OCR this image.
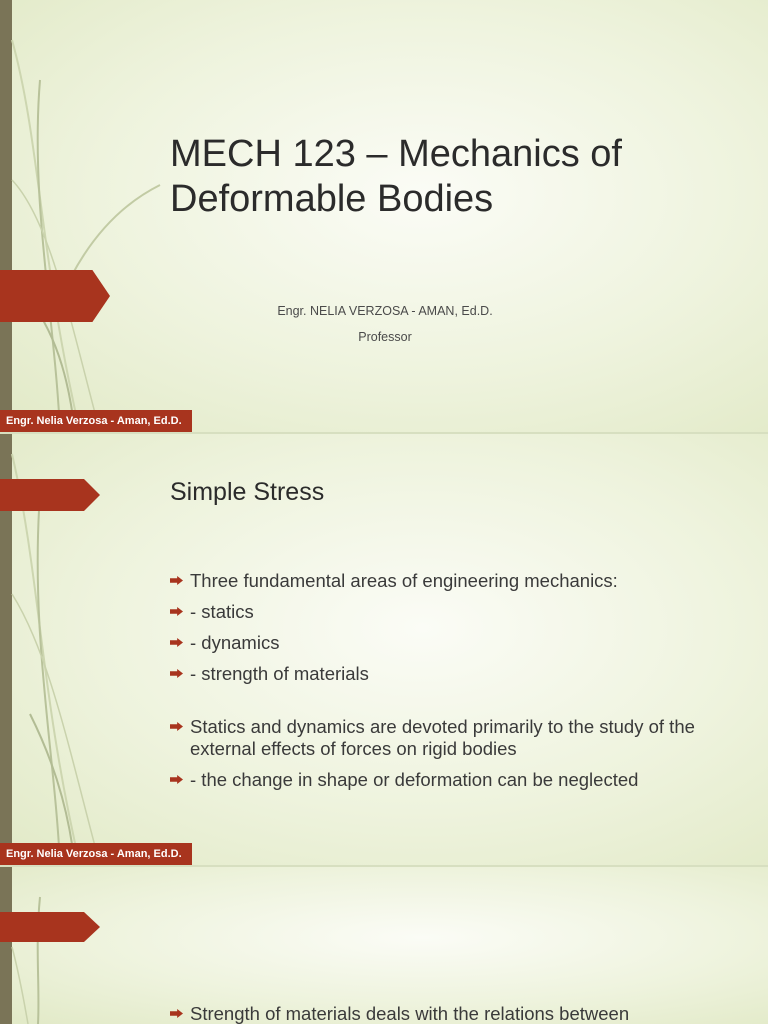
Engr. Nelia Verzosa - Aman, Ed.D.
MECH 123 – Mechanics of Deformable Bodies
Engr. NELIA VERZOSA - AMAN, Ed.D.
Professor
Engr. Nelia Verzosa - Aman, Ed.D.
Simple Stress
Three fundamental areas of engineering mechanics:
- statics
- dynamics
- strength of materials
Statics and dynamics are devoted primarily to the study of the external effects of forces on rigid bodies
- the change in shape or deformation can be neglected
Strength of materials deals with the relations between
